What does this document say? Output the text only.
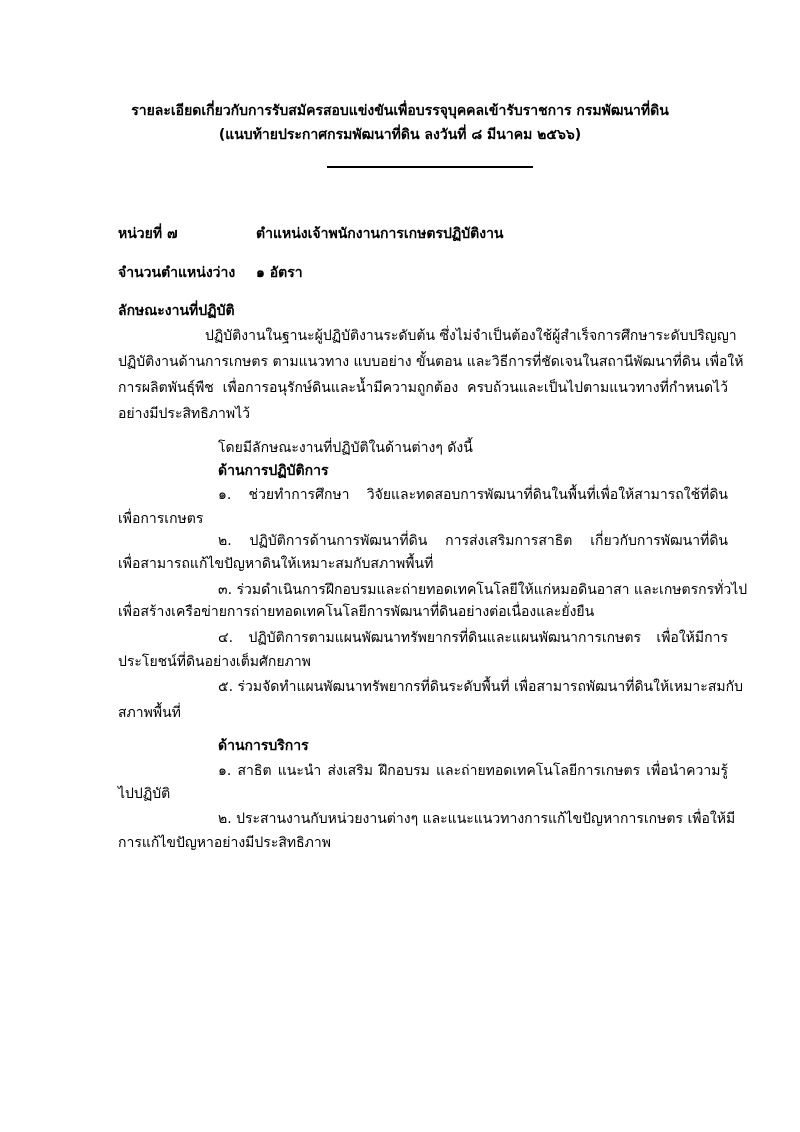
รายละเอียดเกี่ยวกับการรับสมัครสอบแข่งขันเพื่อบรรจุบุคคลเข้ารับราชการ กรมพัฒนาที่ดิน
(แนบท้ายประกาศกรมพัฒนาที่ดิน ลงวันที่ ๘ มีนาคม ๒๕๖๖)
หน่วยที่ ๗	ตำแหน่งเจ้าพนักงานการเกษตรปฏิบัติงาน
จำนวนตำแหน่งว่าง ๑ อัตรา
ลักษณะงานที่ปฏิบัติ
ปฏิบัติงานในฐานะผู้ปฏิบัติงานระดับต้น ซึ่งไม่จำเป็นต้องใช้ผู้สำเร็จการศึกษาระดับปริญญา
ปฏิบัติงานด้านการเกษตร ตามแนวทาง แบบอย่าง ขั้นตอน และวิธีการที่ชัดเจนในสถานีพัฒนาที่ดิน เพื่อให้
การผลิตพันธุ์พืช เพื่อการอนุรักษ์ดินและน้ำมีความถูกต้อง ครบถ้วนและเป็นไปตามแนวทางที่กำหนดไว้
อย่างมีประสิทธิภาพไว้
โดยมีลักษณะงานที่ปฏิบัติในด้านต่างๆ ดังนี้
ด้านการปฏิบัติการ
๑. ช่วยทำการศึกษา วิจัยและทดสอบการพัฒนาที่ดินในพื้นที่เพื่อให้สามารถใช้ที่ดิน
เพื่อการเกษตร
๒. ปฏิบัติการด้านการพัฒนาที่ดิน การส่งเสริมการสาธิต เกี่ยวกับการพัฒนาที่ดิน
เพื่อสามารถแก้ไขปัญหาดินให้เหมาะสมกับสภาพพื้นที่
๓. ร่วมดำเนินการฝึกอบรมและถ่ายทอดเทคโนโลยีให้แก่หมอดินอาสา และเกษตรกรทั่วไป
เพื่อสร้างเครือข่ายการถ่ายทอดเทคโนโลยีการพัฒนาที่ดินอย่างต่อเนื่องและยั่งยืน
๔. ปฏิบัติการตามแผนพัฒนาทรัพยากรที่ดินและแผนพัฒนาการเกษตร เพื่อให้มีการ
ประโยชน์ที่ดินอย่างเต็มศักยภาพ
๕. ร่วมจัดทำแผนพัฒนาทรัพยากรที่ดินระดับพื้นที่ เพื่อสามารถพัฒนาที่ดินให้เหมาะสมกับ
สภาพพื้นที่
ด้านการบริการ
๑. สาธิต แนะนำ ส่งเสริม ฝึกอบรม และถ่ายทอดเทคโนโลยีการเกษตร เพื่อนำความรู้
ไปปฏิบัติ
๒. ประสานงานกับหน่วยงานต่างๆ และแนะแนวทางการแก้ไขปัญหาการเกษตร เพื่อให้มี
การแก้ไขปัญหาอย่างมีประสิทธิภาพ
